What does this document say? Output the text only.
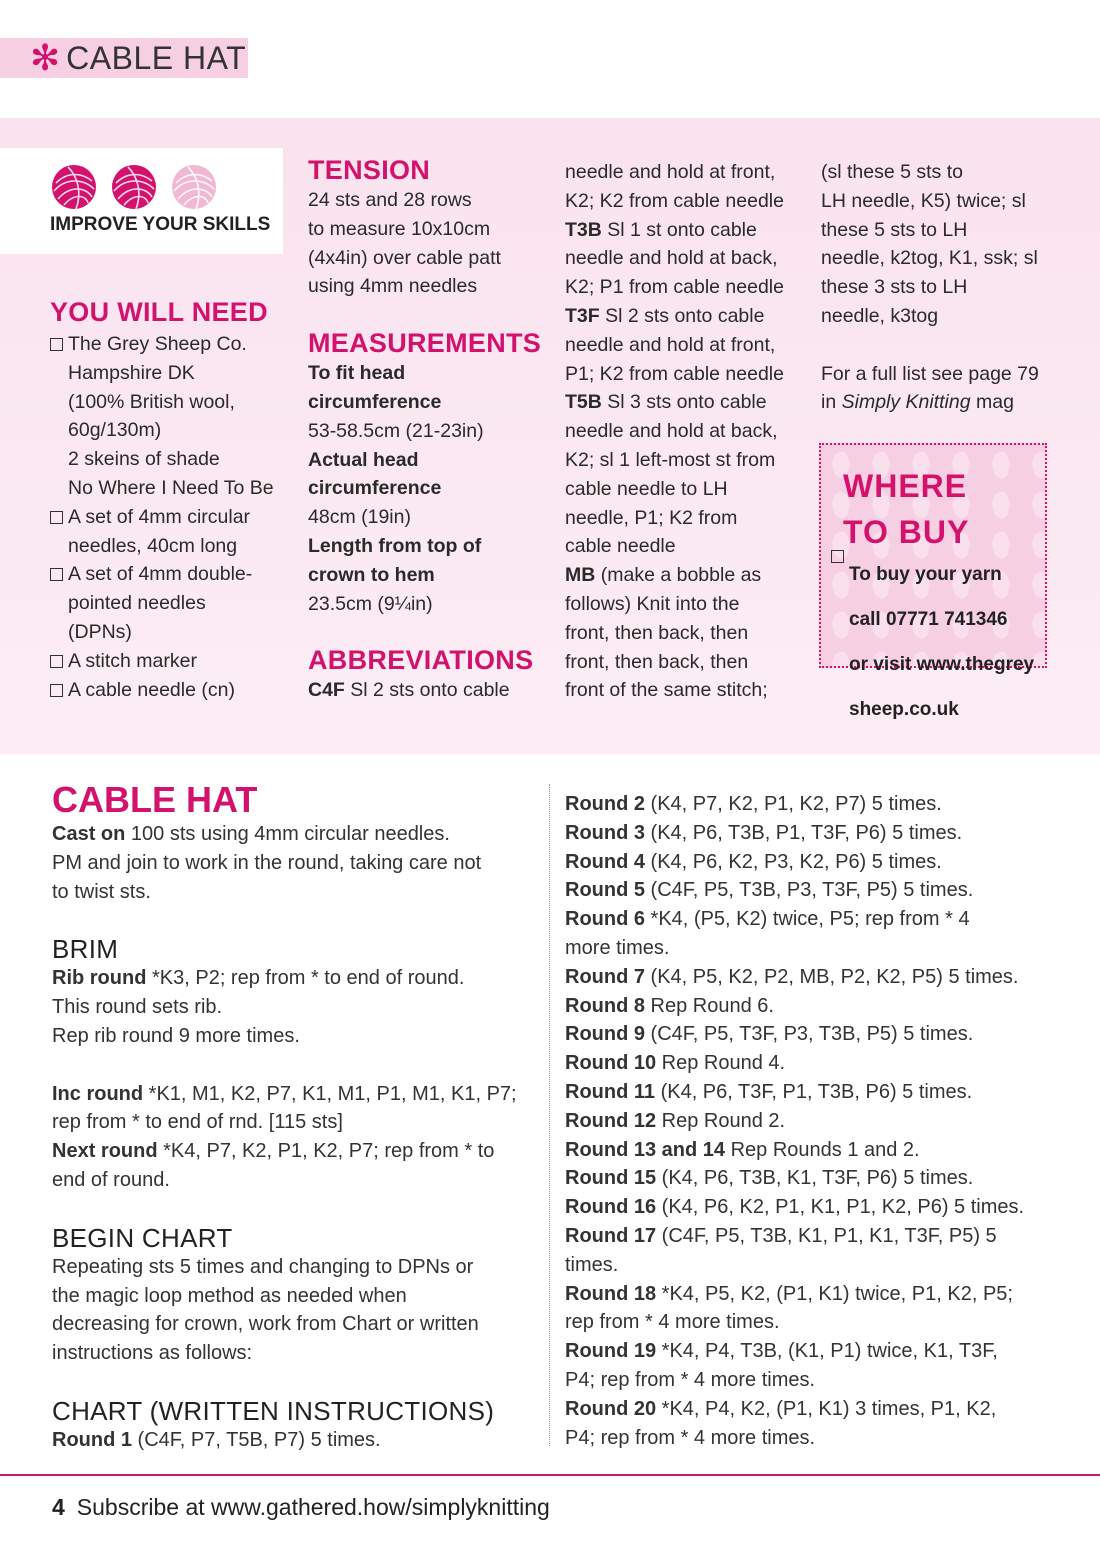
✻ CABLE HAT
IMPROVE YOUR SKILLS

YOU WILL NEED

The Grey Sheep Co.

Hampshire DK

(100% British wool,

60g/130m)

2 skeins of shade

No Where I Need To Be

A set of 4mm circular

needles, 40cm long

A set of 4mm double-

pointed needles

(DPNs)

A stitch marker

A cable needle (cn)

TENSION

24 sts and 28 rows

to measure 10x10cm

(4x4in) over cable patt

using 4mm needles

MEASUREMENTS

To fit head

circumference

53-58.5cm (21-23in)

Actual head

circumference

48cm (19in)

Length from top of

crown to hem

23.5cm (9¼in)

ABBREVIATIONS

C4F Sl 2 sts onto cable

needle and hold at front,

K2; K2 from cable needle

T3B Sl 1 st onto cable

needle and hold at back,

K2; P1 from cable needle

T3F Sl 2 sts onto cable

needle and hold at front,

P1; K2 from cable needle

T5B Sl 3 sts onto cable

needle and hold at back,

K2; sl 1 left-most st from

cable needle to LH

needle, P1; K2 from

cable needle

MB (make a bobble as

follows) Knit into the

front, then back, then

front, then back, then

front of the same stitch;

(sl these 5 sts to

LH needle, K5) twice; sl

these 5 sts to LH

needle, k2tog, K1, ssk; sl

these 3 sts to LH

needle, k3tog

For a full list see page 79

in Simply Knitting mag

WHERE
TO BUY

To buy your yarn

call 07771 741346

or visit www.thegrey

sheep.co.uk

CABLE HAT

Cast on 100 sts using 4mm circular needles.

PM and join to work in the round, taking care not

to twist sts.

BRIM

Rib round *K3, P2; rep from * to end of round.

This round sets rib.

Rep rib round 9 more times.

Inc round *K1, M1, K2, P7, K1, M1, P1, M1, K1, P7;

rep from * to end of rnd. [115 sts]

Next round *K4, P7, K2, P1, K2, P7; rep from * to

end of round.

BEGIN CHART

Repeating sts 5 times and changing to DPNs or

the magic loop method as needed when

decreasing for crown, work from Chart or written

instructions as follows:

CHART (WRITTEN INSTRUCTIONS)

Round 1 (C4F, P7, T5B, P7) 5 times.

Round 2 (K4, P7, K2, P1, K2, P7) 5 times.

Round 3 (K4, P6, T3B, P1, T3F, P6) 5 times.

Round 4 (K4, P6, K2, P3, K2, P6) 5 times.

Round 5 (C4F, P5, T3B, P3, T3F, P5) 5 times.

Round 6 *K4, (P5, K2) twice, P5; rep from * 4

more times.

Round 7 (K4, P5, K2, P2, MB, P2, K2, P5) 5 times.

Round 8 Rep Round 6.

Round 9 (C4F, P5, T3F, P3, T3B, P5) 5 times.

Round 10 Rep Round 4.

Round 11 (K4, P6, T3F, P1, T3B, P6) 5 times.

Round 12 Rep Round 2.

Round 13 and 14 Rep Rounds 1 and 2.

Round 15 (K4, P6, T3B, K1, T3F, P6) 5 times.

Round 16 (K4, P6, K2, P1, K1, P1, K2, P6) 5 times.

Round 17 (C4F, P5, T3B, K1, P1, K1, T3F, P5) 5

times.

Round 18 *K4, P5, K2, (P1, K1) twice, P1, K2, P5;

rep from * 4 more times.

Round 19 *K4, P4, T3B, (K1, P1) twice, K1, T3F,

P4; rep from * 4 more times.

Round 20 *K4, P4, K2, (P1, K1) 3 times, P1, K2,

P4; rep from * 4 more times.

4 Subscribe at www.gathered.how/simplyknitting
